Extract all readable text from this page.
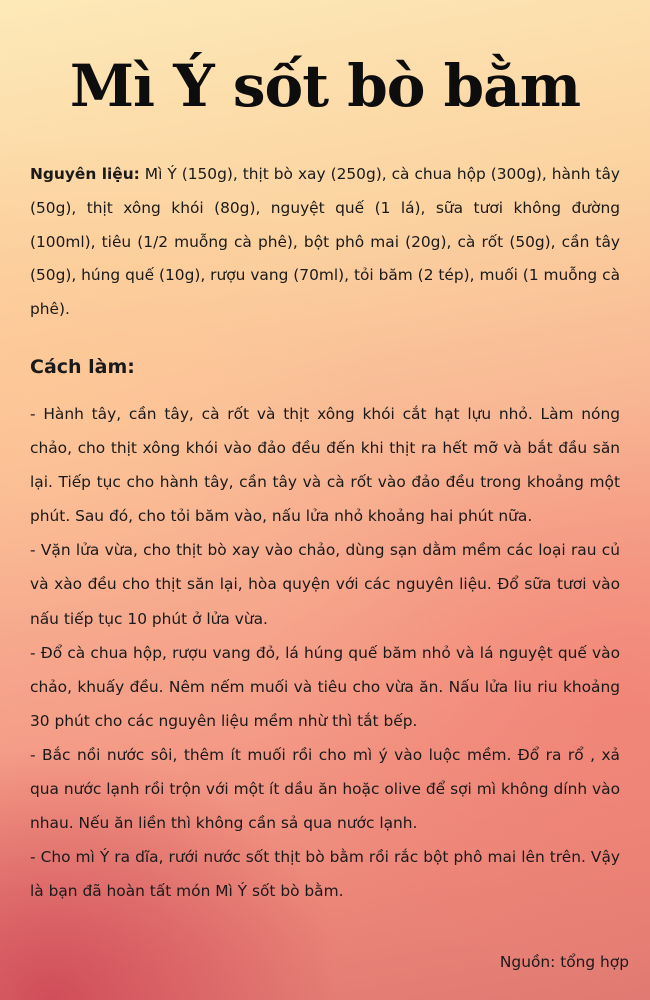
Mì Ý sốt bò bằm

Nguyên liệu: Mì Ý (150g), thịt bò xay (250g), cà chua hộp (300g), hành tây (50g), thịt xông khói (80g), nguyệt quế (1 lá), sữa tươi không đường (100ml), tiêu (1/2 muỗng cà phê), bột phô mai (20g), cà rốt (50g), cần tây (50g), húng quế (10g), rượu vang (70ml), tỏi băm (2 tép), muối (1 muỗng cà phê).

Cách làm:

- Hành tây, cần tây, cà rốt và thịt xông khói cắt hạt lựu nhỏ. Làm nóng chảo, cho thịt xông khói vào đảo đều đến khi thịt ra hết mỡ và bắt đầu săn lại. Tiếp tục cho hành tây, cần tây và cà rốt vào đảo đều trong khoảng một phút. Sau đó, cho tỏi băm vào, nấu lửa nhỏ khoảng hai phút nữa.

- Vặn lửa vừa, cho thịt bò xay vào chảo, dùng sạn dằm mềm các loại rau củ và xào đều cho thịt săn lại, hòa quyện với các nguyên liệu. Đổ sữa tươi vào nấu tiếp tục 10 phút ở lửa vừa.

- Đổ cà chua hộp, rượu vang đỏ, lá húng quế băm nhỏ và lá nguyệt quế vào chảo, khuấy đều. Nêm nếm muối và tiêu cho vừa ăn. Nấu lửa liu riu khoảng 30 phút cho các nguyên liệu mềm nhừ thì tắt bếp.

- Bắc nồi nước sôi, thêm ít muối rồi cho mì ý vào luộc mềm. Đổ ra rổ , xả qua nước lạnh rồi trộn với một ít dầu ăn hoặc olive để sợi mì không dính vào nhau. Nếu ăn liền thì không cần sả qua nước lạnh.

- Cho mì Ý ra dĩa, rưới nước sốt thịt bò bằm rồi rắc bột phô mai lên trên. Vậy là bạn đã hoàn tất món Mì Ý sốt bò bằm.

Nguồn: tổng hợp
